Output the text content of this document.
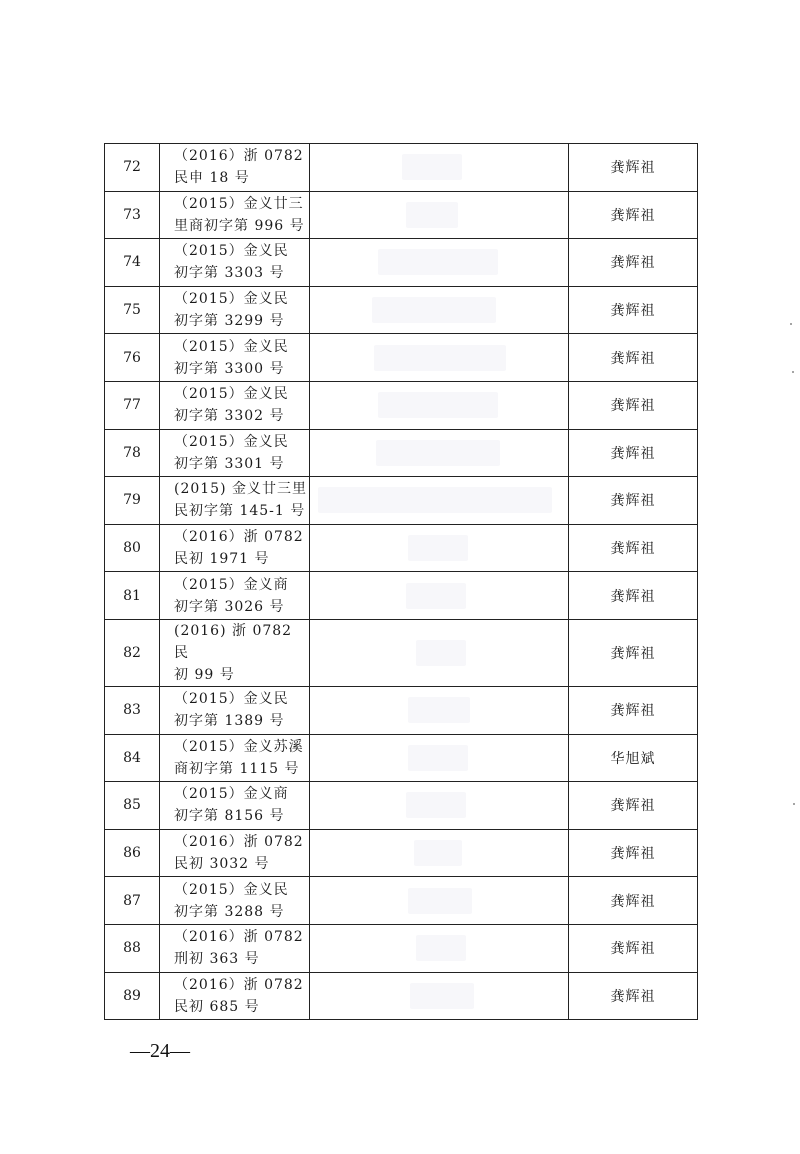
72	（2016）浙 0782
民申 18 号		龚辉祖
73	（2015）金义廿三
里商初字第 996 号		龚辉祖
74	（2015）金义民
初字第 3303 号		龚辉祖
75	（2015）金义民
初字第 3299 号		龚辉祖
76	（2015）金义民
初字第 3300 号		龚辉祖
77	（2015）金义民
初字第 3302 号		龚辉祖
78	（2015）金义民
初字第 3301 号		龚辉祖
79	(2015) 金义廿三里
民初字第 145-1 号		龚辉祖
80	（2016）浙 0782
民初 1971 号		龚辉祖
81	（2015）金义商
初字第 3026 号		龚辉祖
82	(2016) 浙 0782 民
初 99 号		龚辉祖
83	（2015）金义民
初字第 1389 号		龚辉祖
84	（2015）金义苏溪
商初字第 1115 号		华旭斌
85	（2015）金义商
初字第 8156 号		龚辉祖
86	（2016）浙 0782
民初 3032 号		龚辉祖
87	（2015）金义民
初字第 3288 号		龚辉祖
88	（2016）浙 0782
刑初 363 号		龚辉祖
89	（2016）浙 0782
民初 685 号		龚辉祖
—24—
